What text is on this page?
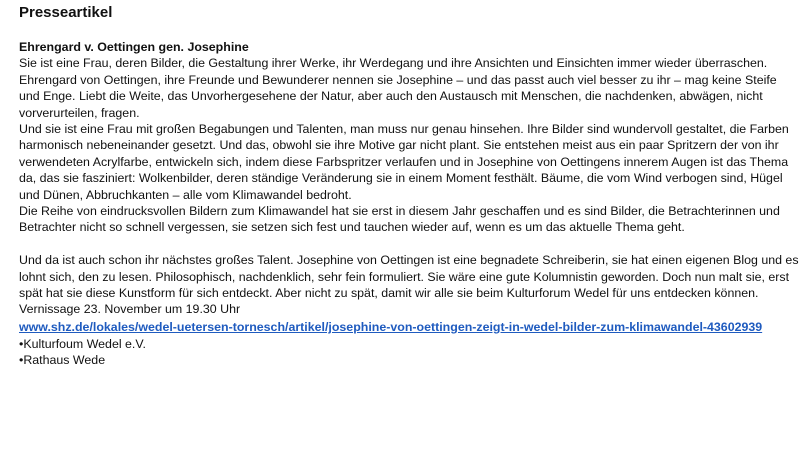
Presseartikel
Ehrengard v. Oettingen gen. Josephine

Sie ist eine Frau, deren Bilder, die Gestaltung ihrer Werke, ihr Werdegang und ihre Ansichten und Einsichten immer wieder überraschen. Ehrengard von Oettingen, ihre Freunde und Bewunderer nennen sie Josephine – und das passt auch viel besser zu ihr – mag keine Steife und Enge. Liebt die Weite, das Unvorhergesehene der Natur, aber auch den Austausch mit Menschen, die nachdenken, abwägen, nicht vorverurteilen, fragen.

Und sie ist eine Frau mit großen Begabungen und Talenten, man muss nur genau hinsehen. Ihre Bilder sind wundervoll gestaltet, die Farben harmonisch nebeneinander gesetzt. Und das, obwohl sie ihre Motive gar nicht plant. Sie entstehen meist aus ein paar Spritzern der von ihr verwendeten Acrylfarbe, entwickeln sich, indem diese Farbspritzer verlaufen und in Josephine von Oettingens innerem Augen ist das Thema da, das sie fasziniert: Wolkenbilder, deren ständige Veränderung sie in einem Moment festhält. Bäume, die vom Wind verbogen sind, Hügel und Dünen, Abbruchkanten – alle vom Klimawandel bedroht.

Die Reihe von eindrucksvollen Bildern zum Klimawandel hat sie erst in diesem Jahr geschaffen und es sind Bilder, die Betrachterinnen und Betrachter nicht so schnell vergessen, sie setzen sich fest und tauchen wieder auf, wenn es um das aktuelle Thema geht.

Und da ist auch schon ihr nächstes großes Talent. Josephine von Oettingen ist eine begnadete Schreiberin, sie hat einen eigenen Blog und es lohnt sich, den zu lesen. Philosophisch, nachdenklich, sehr fein formuliert. Sie wäre eine gute Kolumnistin geworden. Doch nun malt sie, erst spät hat sie diese Kunstform für sich entdeckt. Aber nicht zu spät, damit wir alle sie beim Kulturforum Wedel für uns entdecken können.

Vernissage 23. November um 19.30 Uhr
www.shz.de/lokales/wedel-uetersen-tornesch/artikel/josephine-von-oettingen-zeigt-in-wedel-bilder-zum-klimawandel-43602939
•Kulturfoum Wedel e.V.
•Rathaus Wede
